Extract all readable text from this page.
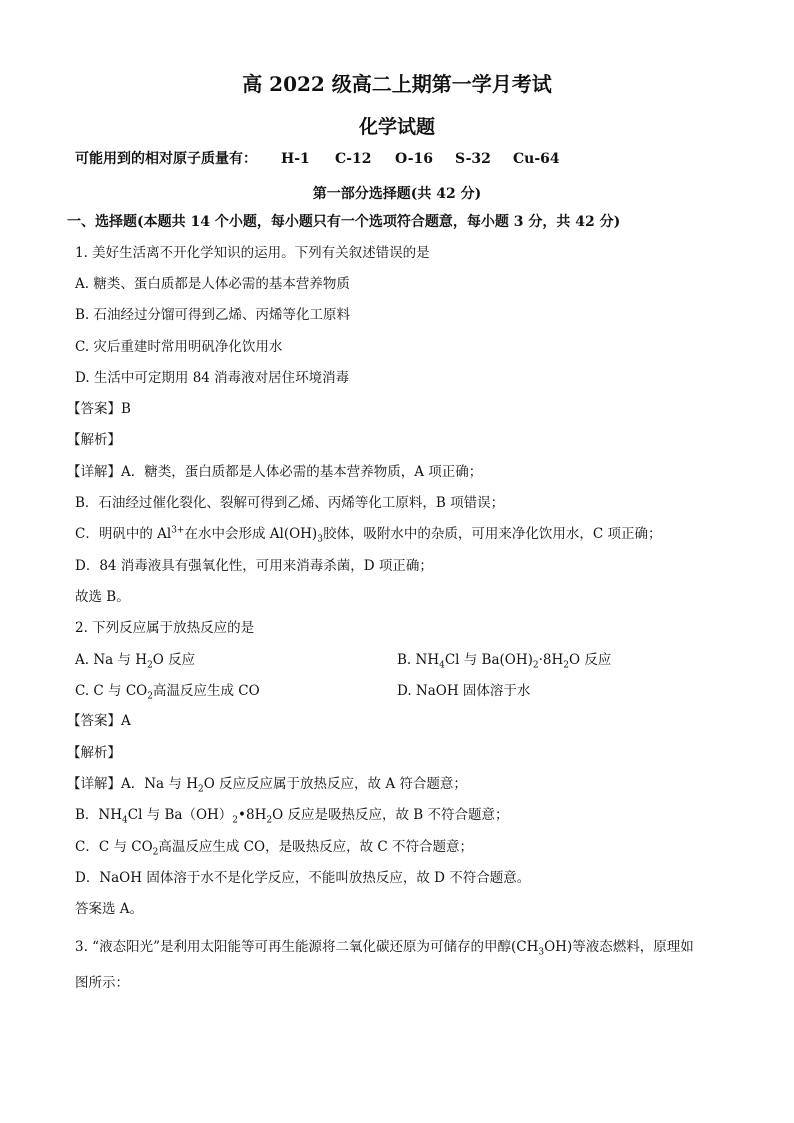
高 2022 级高二上期第一学月考试
化学试题
可能用到的相对原子质量有： H-1 C-12 O-16 S-32 Cu-64
第一部分选择题(共 42 分)
一、选择题(本题共 14 个小题，每小题只有一个选项符合题意，每小题 3 分，共 42 分)
1. 美好生活离不开化学知识的运用。下列有关叙述错误的是
A. 糖类、蛋白质都是人体必需的基本营养物质
B. 石油经过分馏可得到乙烯、丙烯等化工原料
C. 灾后重建时常用明矾净化饮用水
D. 生活中可定期用 84 消毒液对居住环境消毒
【答案】B
【解析】
【详解】A．糖类，蛋白质都是人体必需的基本营养物质，A 项正确；
B．石油经过催化裂化、裂解可得到乙烯、丙烯等化工原料，B 项错误；
C．明矾中的 $Al^{3+}$在水中会形成 $Al(OH)_3$胶体，吸附水中的杂质，可用来净化饮用水，C 项正确；
D．84 消毒液具有强氧化性，可用来消毒杀菌，D 项正确；
故选 B。
2. 下列反应属于放热反应的是
A. Na 与 $H_2O$ 反应	B. $NH_4Cl$ 与 $Ba(OH)_2\cdot 8H_2O$ 反应
C. C 与 $CO_2$高温反应生成 CO	D. NaOH 固体溶于水
【答案】A
【解析】
【详解】A．Na 与 $H_2O$ 反应反应属于放热反应，故 A 符合题意；
B．$NH_4Cl$ 与 $Ba(OH)_2•8H_2O$ 反应是吸热反应，故 B 不符合题意；
C．C 与 $CO_2$高温反应生成 CO，是吸热反应，故 C 不符合题意；
D．NaOH 固体溶于水不是化学反应，不能叫放热反应，故 D 不符合题意。
答案选 A。
3. “液态阳光”是利用太阳能等可再生能源将二氧化碳还原为可储存的甲醇$(CH_3OH)$等液态燃料，原理如
图所示：
